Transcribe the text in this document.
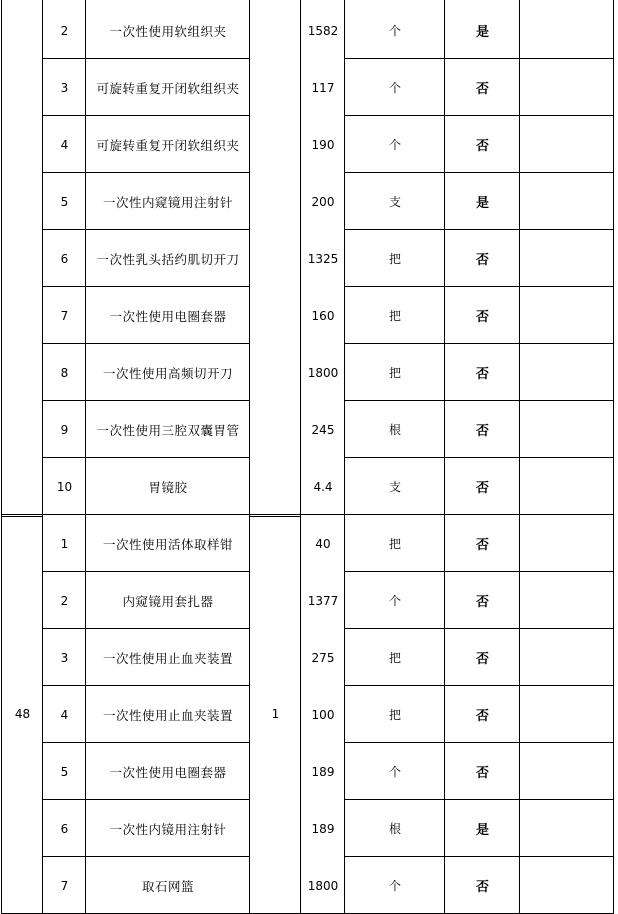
48	1
2	一次性使用软组织夹	1582	个	是
3	可旋转重复开闭软组织夹	117	个	否
4	可旋转重复开闭软组织夹	190	个	否
5	一次性内窥镜用注射针	200	支	是
6	一次性乳头括约肌切开刀	1325	把	否
7	一次性使用电圈套器	160	把	否
8	一次性使用高频切开刀	1800	把	否
9	一次性使用三腔双囊胃管	245	根	否
10	胃镜胶	4.4	支	否
1	一次性使用活体取样钳	40	把	否
2	内窥镜用套扎器	1377	个	否
3	一次性使用止血夹装置	275	把	否
4	一次性使用止血夹装置	100	把	否
5	一次性使用电圈套器	189	个	否
6	一次性内镜用注射针	189	根	是
7	取石网篮	1800	个	否
